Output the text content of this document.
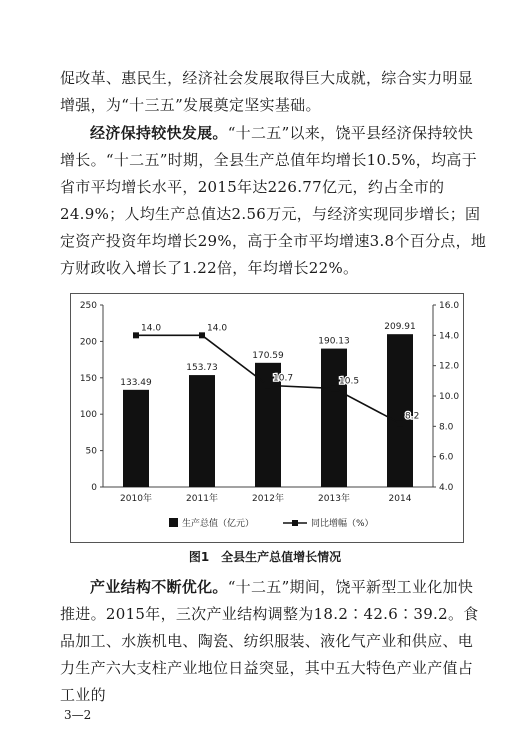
促改革、惠民生，经济社会发展取得巨大成就，综合实力明显增强，为“十三五”发展奠定坚实基础。

经济保持较快发展。“十二五”以来，饶平县经济保持较快增长。“十二五”时期，全县生产总值年均增长10.5%，均高于省市平均增长水平，2015年达226.77亿元，约占全市的24.9%；人均生产总值达2.56万元，与经济实现同步增长；固定资产投资年均增长29%，高于全市平均增速3.8个百分点，地方财政收入增长了1.22倍，年均增长22%。

0
50
100
150
200
250
4.0
6.0
8.0
10.0
12.0
14.0
16.0
133.49
153.73
170.59
190.13
209.91
2010年	2011年	2012年	2013年	2014
14.0	14.0
10.7	10.5
8.2
生产总值（亿元）	同比增幅（%）
图1　全县生产总值增长情况

产业结构不断优化。“十二五”期间，饶平新型工业化加快推进。2015年，三次产业结构调整为18.2∶42.6∶39.2。食品加工、水族机电、陶瓷、纺织服装、液化气产业和供应、电力生产六大支柱产业地位日益突显，其中五大特色产业产值占工业的

3—2
